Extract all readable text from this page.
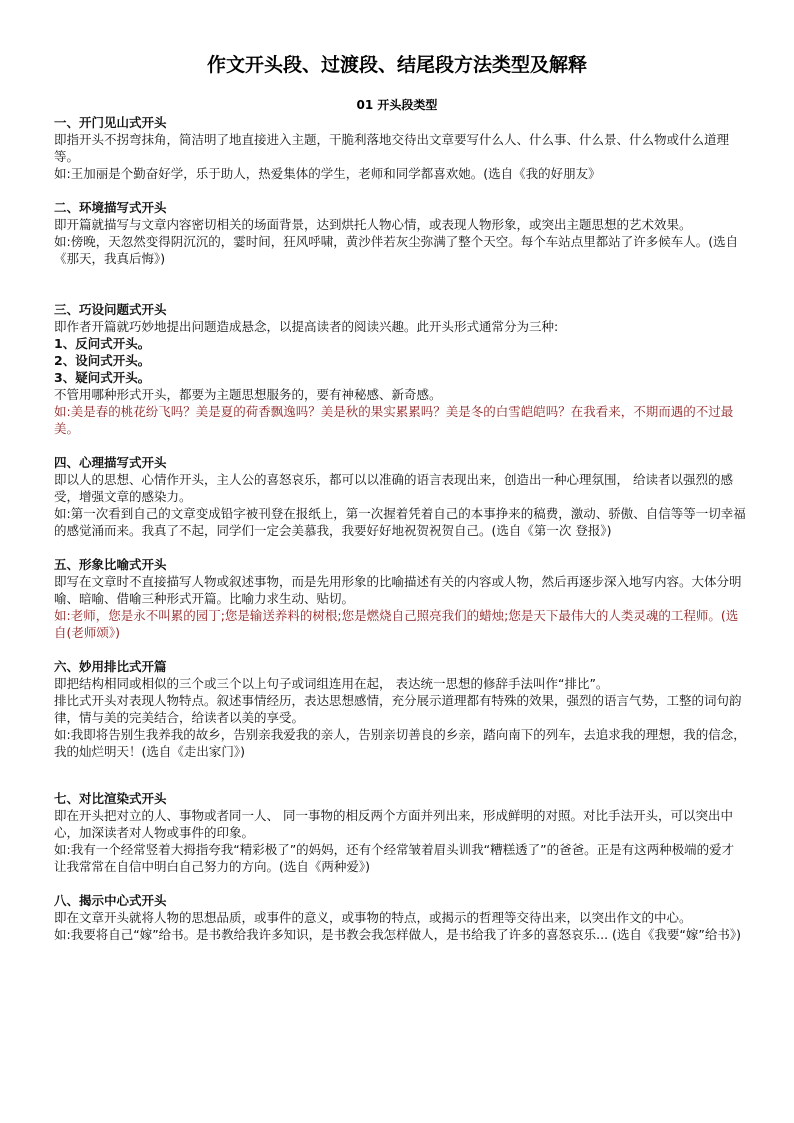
作文开头段、过渡段、结尾段方法类型及解释
01 开头段类型

一、开门见山式开头

即指开头不拐弯抹角，简洁明了地直接进入主题，干脆利落地交待出文章要写什么人、什么事、什么景、什么物或什么道理等。

如:王加丽是个勤奋好学，乐于助人，热爱集体的学生，老师和同学都喜欢她。(选自《我的好朋友》

二、环境描写式开头

即开篇就描写与文章内容密切相关的场面背景，达到烘托人物心情，或表现人物形象，或突出主题思想的艺术效果。

如:傍晚，天忽然变得阴沉沉的，霎时间，狂风呼啸，黄沙伴若灰尘弥满了整个天空。每个车站点里都站了许多候车人。(选自《那天，我真后悔》)

三、巧设问题式开头

即作者开篇就巧妙地提出问题造成悬念，以提高读者的阅读兴趣。此开头形式通常分为三种:

1、反问式开头。

2、设问式开头。

3、疑问式开头。

不管用哪种形式开头，都要为主题思想服务的，要有神秘感、新奇感。

如:美是春的桃花纷飞吗？美是夏的荷香飘逸吗？美是秋的果实累累吗？美是冬的白雪皑皑吗？在我看来，不期而遇的不过最美。

四、心理描写式开头

即以人的思想、心情作开头，主人公的喜怒哀乐，都可以以准确的语言表现出来，创造出一种心理氛围， 给读者以强烈的感受，增强文章的感染力。

如:第一次看到自己的文章变成铅字被刊登在报纸上，第一次握着凭着自己的本事挣来的稿费，激动、骄傲、自信等等一切幸福的感觉涌而来。我真了不起，同学们一定会美慕我，我要好好地祝贺祝贺自己。(选自《第一次 登报》)

五、形象比喻式开头

即写在文章时不直接描写人物或叙述事物，而是先用形象的比喻描述有关的内容或人物，然后再逐步深入地写内容。大体分明喻、暗喻、借喻三种形式开篇。比喻力求生动、贴切。

如:老师，您是永不叫累的园丁;您是输送养料的树根;您是燃烧自己照亮我们的蜡烛;您是天下最伟大的人类灵魂的工程师。(选自(老师颂》)

六、妙用排比式开篇

即把结构相同或相似的三个或三个以上句子或词组连用在起， 表达统一思想的修辞手法叫作“排比”。

排比式开头对表现人物特点。叙述事情经历，表达思想感情，充分展示道理都有特殊的效果，强烈的语言气势，工整的词句韵律，情与美的完美结合，给读者以美的享受。

如:我即将告别生我养我的故乡，告别亲我爱我的亲人，告别亲切善良的乡亲，踏向南下的列车，去追求我的理想，我的信念，我的灿烂明天！(选自《走出家门》)

七、对比渲染式开头

即在开头把对立的人、事物或者同一人、 同一事物的相反两个方面并列出来，形成鲜明的对照。对比手法开头，可以突出中心，加深读者对人物或事件的印象。

如:我有一个经常竖着大拇指夸我“精彩极了”的妈妈，还有个经常皱着眉头训我“糟糕透了”的爸爸。正是有这两种极端的爱才让我常常在自信中明白自己努力的方向。(选自《两种爱》)

八、揭示中心式开头

即在文章开头就将人物的思想品质，或事件的意义，或事物的特点，或揭示的哲理等交待出来，以突出作文的中心。

如:我要将自己“嫁”给书。是书教给我许多知识，是书教会我怎样做人，是书给我了许多的喜怒哀乐... (选自《我要“嫁”给书》)
